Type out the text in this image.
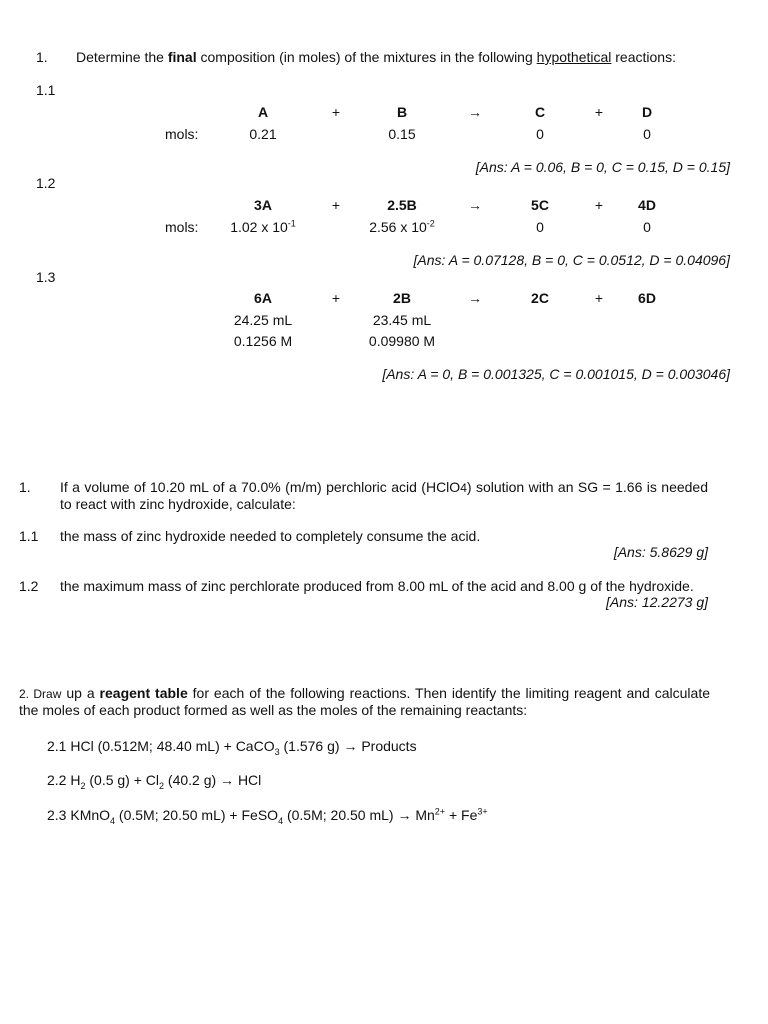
1. Determine the final composition (in moles) of the mixtures in the following hypothetical reactions:
1.1
A	+	B	→	C	+	D
mols:	0.21	0.15	0	0
[Ans: A = 0.06, B = 0, C = 0.15, D = 0.15]
1.2
3A	+	2.5B	→	5C	+ 4D
mols: 1.02 x $10^{-1}$	2.56 x $10^{-2}$	0	0
[Ans: A = 0.07128, B = 0, C = 0.0512, D = 0.04096]
1.3
6A	+	2B	→	2C	+ 6D
24.25 mL	23.45 mL
0.1256 M	0.09980 M
[Ans: A = 0, B = 0.001325, C = 0.001015, D = 0.003046]
1. If a volume of 10.20 mL of a 70.0% (m/m) perchloric acid (HClO4) solution with an SG = 1.66 is needed to react with zinc hydroxide, calculate:
1.1 the mass of zinc hydroxide needed to completely consume the acid.
[Ans: 5.8629 g]
1.2 the maximum mass of zinc perchlorate produced from 8.00 mL of the acid and 8.00 g of the hydroxide.
[Ans: 12.2273 g]
2. Draw up a reagent table for each of the following reactions. Then identify the limiting reagent and calculate the moles of each product formed as well as the moles of the remaining reactants:
2.1 HCl (0.512M; 48.40 mL) + CaCO$_3$ (1.576 g) → Products
2.2 $H_2$ (0.5 $g) + Cl_2$ (40.2 g) → HCl
2.3 KMnO$_4$ (0.5M; 20.50 mL) + FeSO$_4$ (0.5M; 20.50 $mL) \to Mn^{2+} + Fe^{3+}$
